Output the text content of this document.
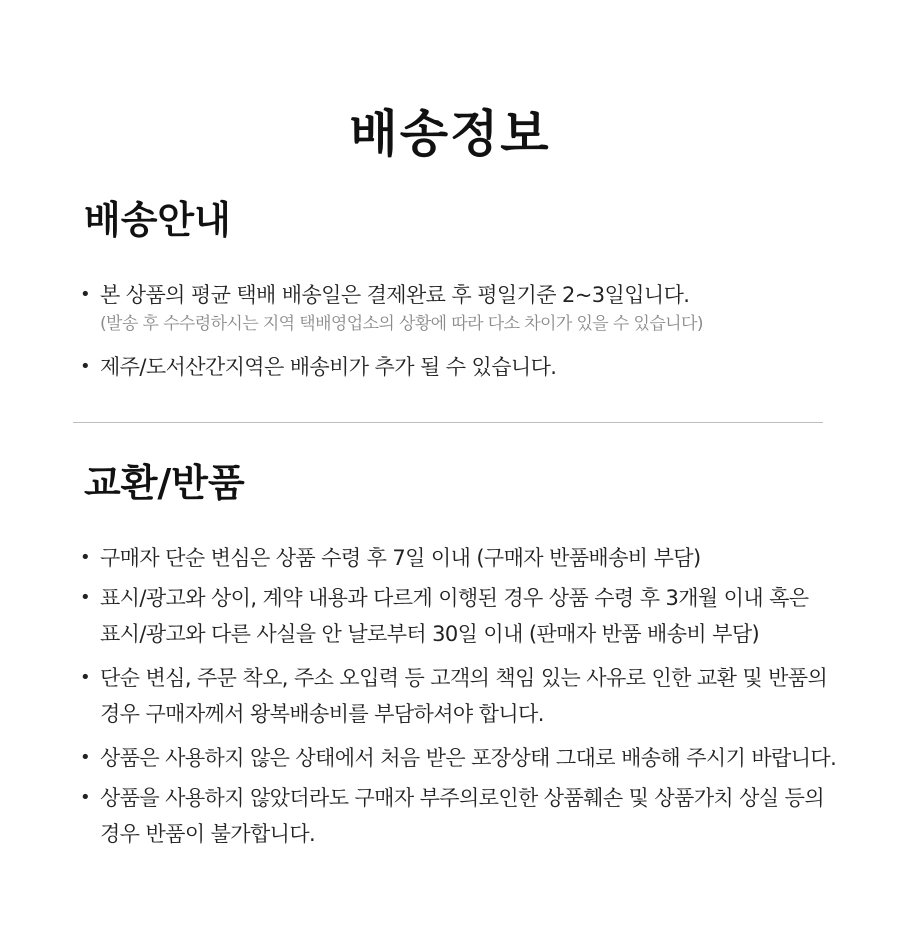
배송정보
배송안내
• 본 상품의 평균 택배 배송일은 결제완료 후 평일기준 2~3일입니다.
(발송 후 수수령하시는 지역 택배영업소의 상황에 따라 다소 차이가 있을 수 있습니다)
• 제주/도서산간지역은 배송비가 추가 될 수 있습니다.
교환/반품
• 구매자 단순 변심은 상품 수령 후 7일 이내 (구매자 반품배송비 부담)
• 표시/광고와 상이, 계약 내용과 다르게 이행된 경우 상품 수령 후 3개월 이내 혹은 표시/광고와 다른 사실을 안 날로부터 30일 이내 (판매자 반품 배송비 부담)
• 단순 변심, 주문 착오, 주소 오입력 등 고객의 책임 있는 사유로 인한 교환 및 반품의 경우 구매자께서 왕복배송비를 부담하셔야 합니다.
• 상품은 사용하지 않은 상태에서 처음 받은 포장상태 그대로 배송해 주시기 바랍니다.
• 상품을 사용하지 않았더라도 구매자 부주의로인한 상품훼손 및 상품가치 상실 등의 경우 반품이 불가합니다.
